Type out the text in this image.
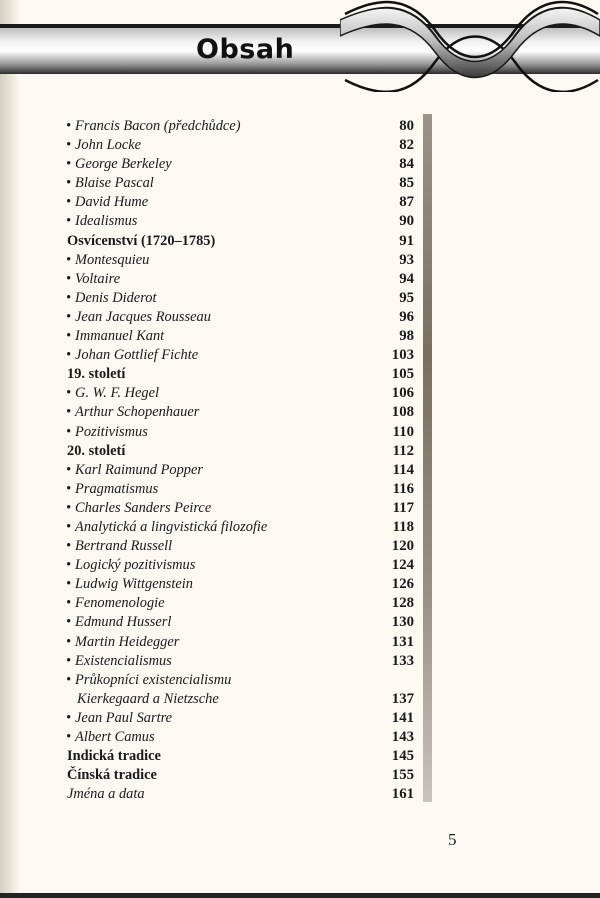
Obsah
• Francis Bacon (předchůdce)	80
• John Locke	82
• George Berkeley	84
• Blaise Pascal	85
• David Hume	87
• Idealismus	90
Osvícenství (1720–1785)	91
• Montesquieu	93
• Voltaire	94
• Denis Diderot	95
• Jean Jacques Rousseau	96
• Immanuel Kant	98
• Johan Gottlief Fichte	103
19. století	105
• G. W. F. Hegel	106
• Arthur Schopenhauer	108
• Pozitivismus	110
20. století	112
• Karl Raimund Popper	114
• Pragmatismus	116
• Charles Sanders Peirce	117
• Analytická a lingvistická filozofie	118
• Bertrand Russell	120
• Logický pozitivismus	124
• Ludwig Wittgenstein	126
• Fenomenologie	128
• Edmund Husserl	130
• Martin Heidegger	131
• Existencialismus	133
• Průkopníci existencialismu
Kierkegaard a Nietzsche	137
• Jean Paul Sartre	141
• Albert Camus	143
Indická tradice	145
Čínská tradice	155
Jména a data	161
5
